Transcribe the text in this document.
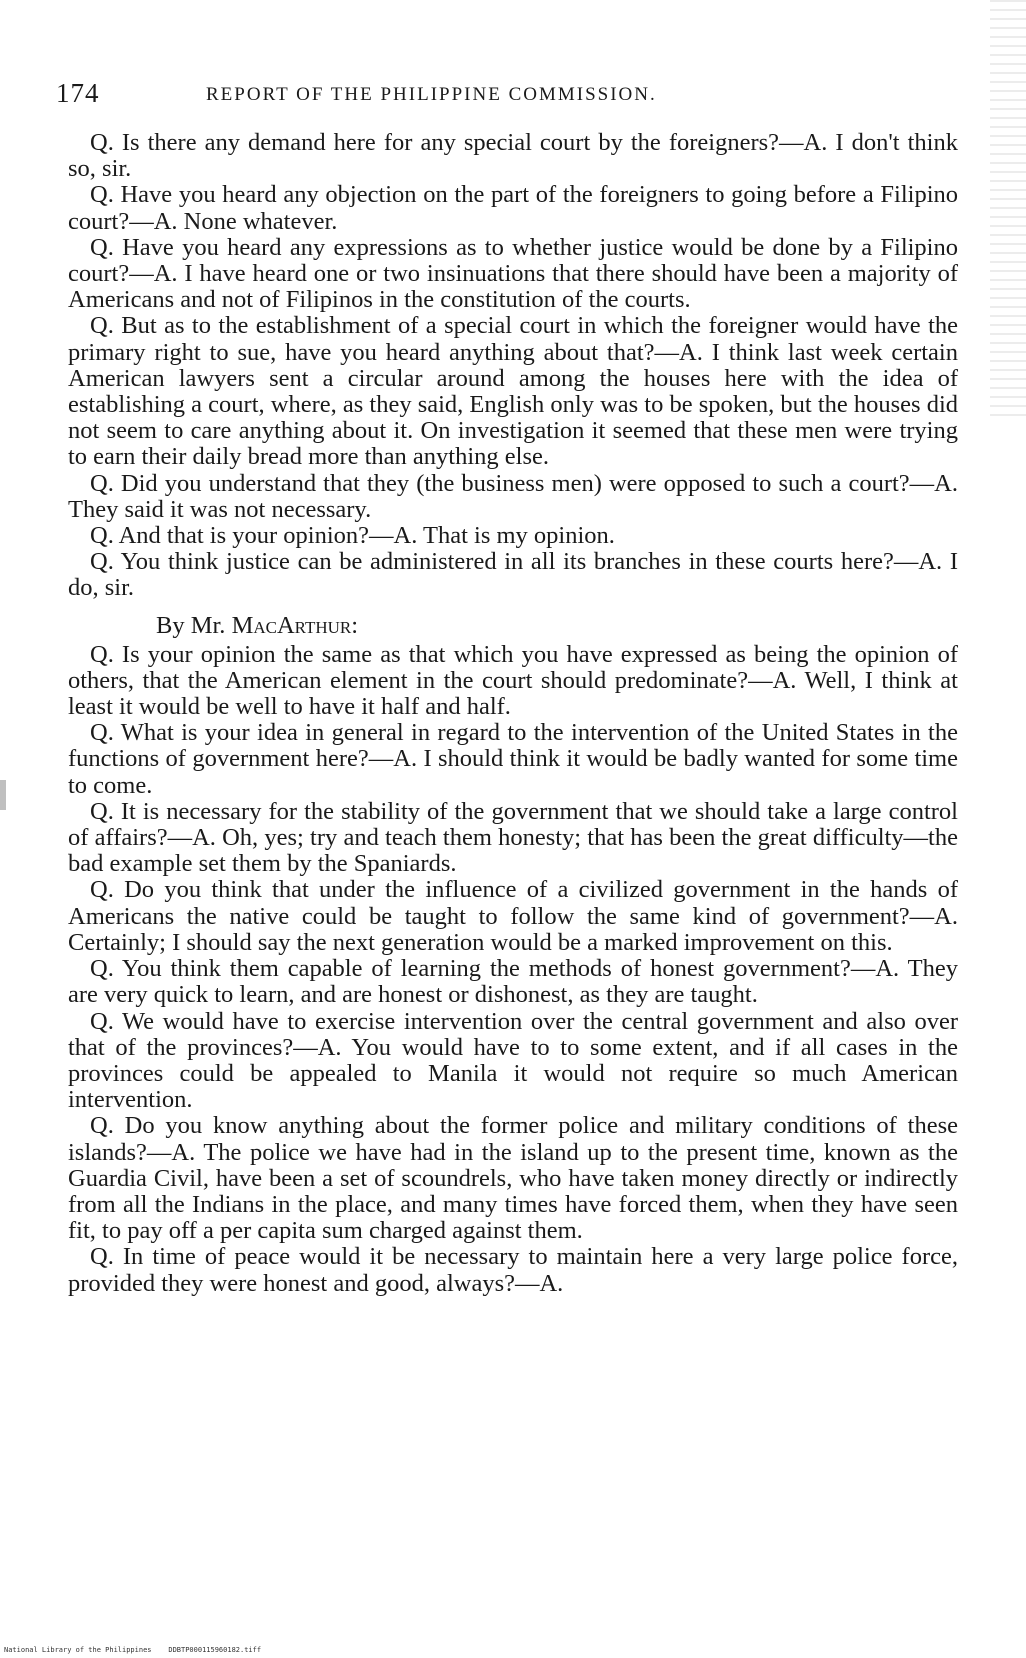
174	REPORT OF THE PHILIPPINE COMMISSION.

Q. Is there any demand here for any special court by the foreigners?—A. I don't think so, sir.

Q. Have you heard any objection on the part of the foreigners to going before a Filipino court?—A. None whatever.

Q. Have you heard any expressions as to whether justice would be done by a Filipino court?—A. I have heard one or two insinuations that there should have been a majority of Americans and not of Filipinos in the constitution of the courts.

Q. But as to the establishment of a special court in which the foreigner would have the primary right to sue, have you heard anything about that?—A. I think last week certain American lawyers sent a circular around among the houses here with the idea of establishing a court, where, as they said, English only was to be spoken, but the houses did not seem to care anything about it. On investigation it seemed that these men were trying to earn their daily bread more than anything else.

Q. Did you understand that they (the business men) were opposed to such a court?—A. They said it was not necessary.

Q. And that is your opinion?—A. That is my opinion.

Q. You think justice can be administered in all its branches in these courts here?—A. I do, sir.

By Mr. MacArthur:

Q. Is your opinion the same as that which you have expressed as being the opinion of others, that the American element in the court should predominate?—A. Well, I think at least it would be well to have it half and half.

Q. What is your idea in general in regard to the intervention of the United States in the functions of government here?—A. I should think it would be badly wanted for some time to come.

Q. It is necessary for the stability of the government that we should take a large control of affairs?—A. Oh, yes; try and teach them honesty; that has been the great difficulty—the bad example set them by the Spaniards.

Q. Do you think that under the influence of a civilized government in the hands of Americans the native could be taught to follow the same kind of government?—A. Certainly; I should say the next generation would be a marked improvement on this.

Q. You think them capable of learning the methods of honest government?—A. They are very quick to learn, and are honest or dishonest, as they are taught.

Q. We would have to exercise intervention over the central government and also over that of the provinces?—A. You would have to to some extent, and if all cases in the provinces could be appealed to Manila it would not require so much American intervention.

Q. Do you know anything about the former police and military conditions of these islands?—A. The police we have had in the island up to the present time, known as the Guardia Civil, have been a set of scoundrels, who have taken money directly or indirectly from all the Indians in the place, and many times have forced them, when they have seen fit, to pay off a per capita sum charged against them.

Q. In time of peace would it be necessary to maintain here a very large police force, provided they were honest and good, always?—A.

National Library of the Philippines    DDBTP000115960182.tiff
